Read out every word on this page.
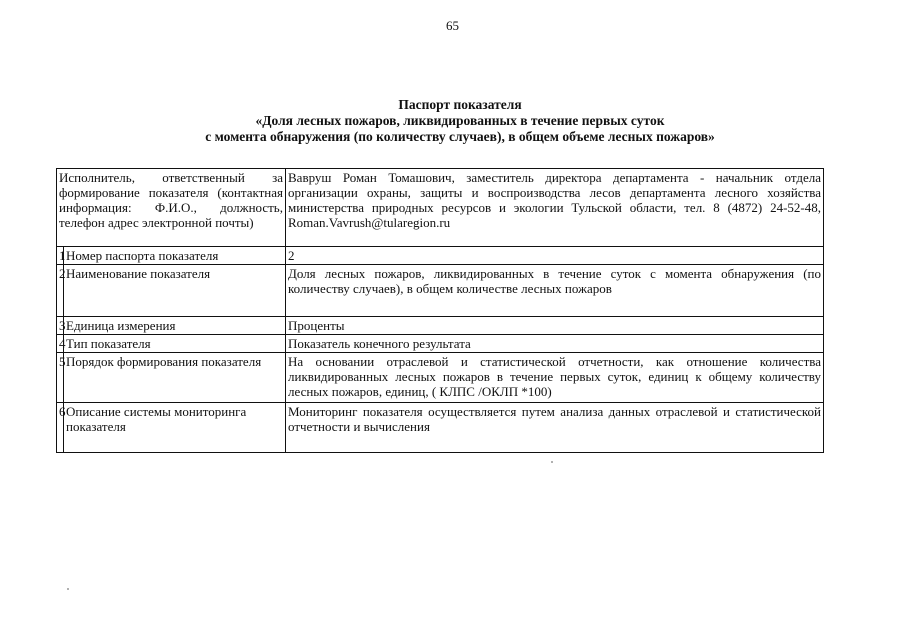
65
Паспорт показателя
«Доля лесных пожаров, ликвидированных в течение первых суток
с момента обнаружения (по количеству случаев), в общем объеме лесных пожаров»
Исполнитель, ответственный за формирование показателя (контактная информация: Ф.И.О., должность, телефон адрес электронной почты)		Вавруш Роман Томашович, заместитель директора департамента - начальник отдела организации охраны, защиты и воспроизводства лесов департамента лесного хозяйства министерства природных ресурсов и экологии Тульской области, тел. 8 (4872) 24-52-48, Roman.Vavrush@tularegion.ru
1	Номер паспорта показателя	2
2	Наименование показателя	Доля лесных пожаров, ликвидированных в течение суток с момента обнаружения (по количеству случаев), в общем количестве лесных пожаров
3	Единица измерения	Проценты
4	Тип показателя	Показатель конечного результата
5	Порядок формирования показателя	На основании отраслевой и статистической отчетности, как отношение количества ликвидированных лесных пожаров в течение первых суток, единиц к общему количеству лесных пожаров, единиц, ( КЛПС /ОКЛП *100)
6	Описание системы мониторинга показателя	Мониторинг показателя осуществляется путем анализа данных отраслевой и статистической отчетности и вычисления
